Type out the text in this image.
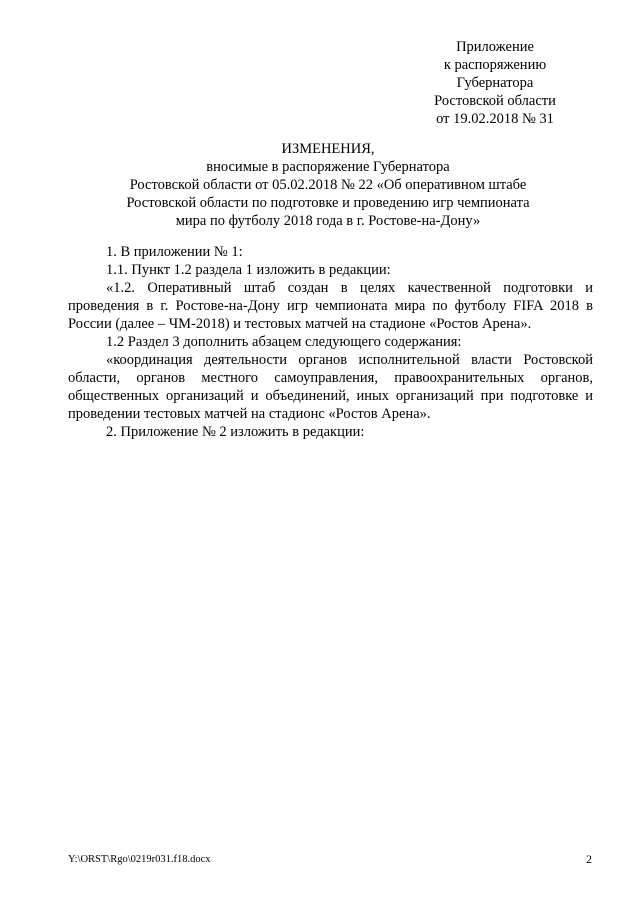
Приложение
к распоряжению
Губернатора
Ростовской области
от 19.02.2018 № 31
ИЗМЕНЕНИЯ,
вносимые в распоряжение Губернатора
Ростовской области от 05.02.2018 № 22 «Об оперативном штабе
Ростовской области по подготовке и проведению игр чемпионата
мира по футболу 2018 года в г. Ростове-на-Дону»
1. В приложении № 1:
1.1. Пункт 1.2 раздела 1 изложить в редакции:
«1.2. Оперативный штаб создан в целях качественной подготовки и проведения в г. Ростове-на-Дону игр чемпионата мира по футболу FIFA 2018 в России (далее – ЧМ-2018) и тестовых матчей на стадионе «Ростов Арена».
1.2 Раздел 3 дополнить абзацем следующего содержания:
«координация деятельности органов исполнительной власти Ростовской области, органов местного самоуправления, правоохранительных органов, общественных организаций и объединений, иных организаций при подготовке и проведении тестовых матчей на стадионс «Ростов Арена».
2. Приложение № 2 изложить в редакции:
Y:\ORST\Rgo\0219r031.f18.docx	2
